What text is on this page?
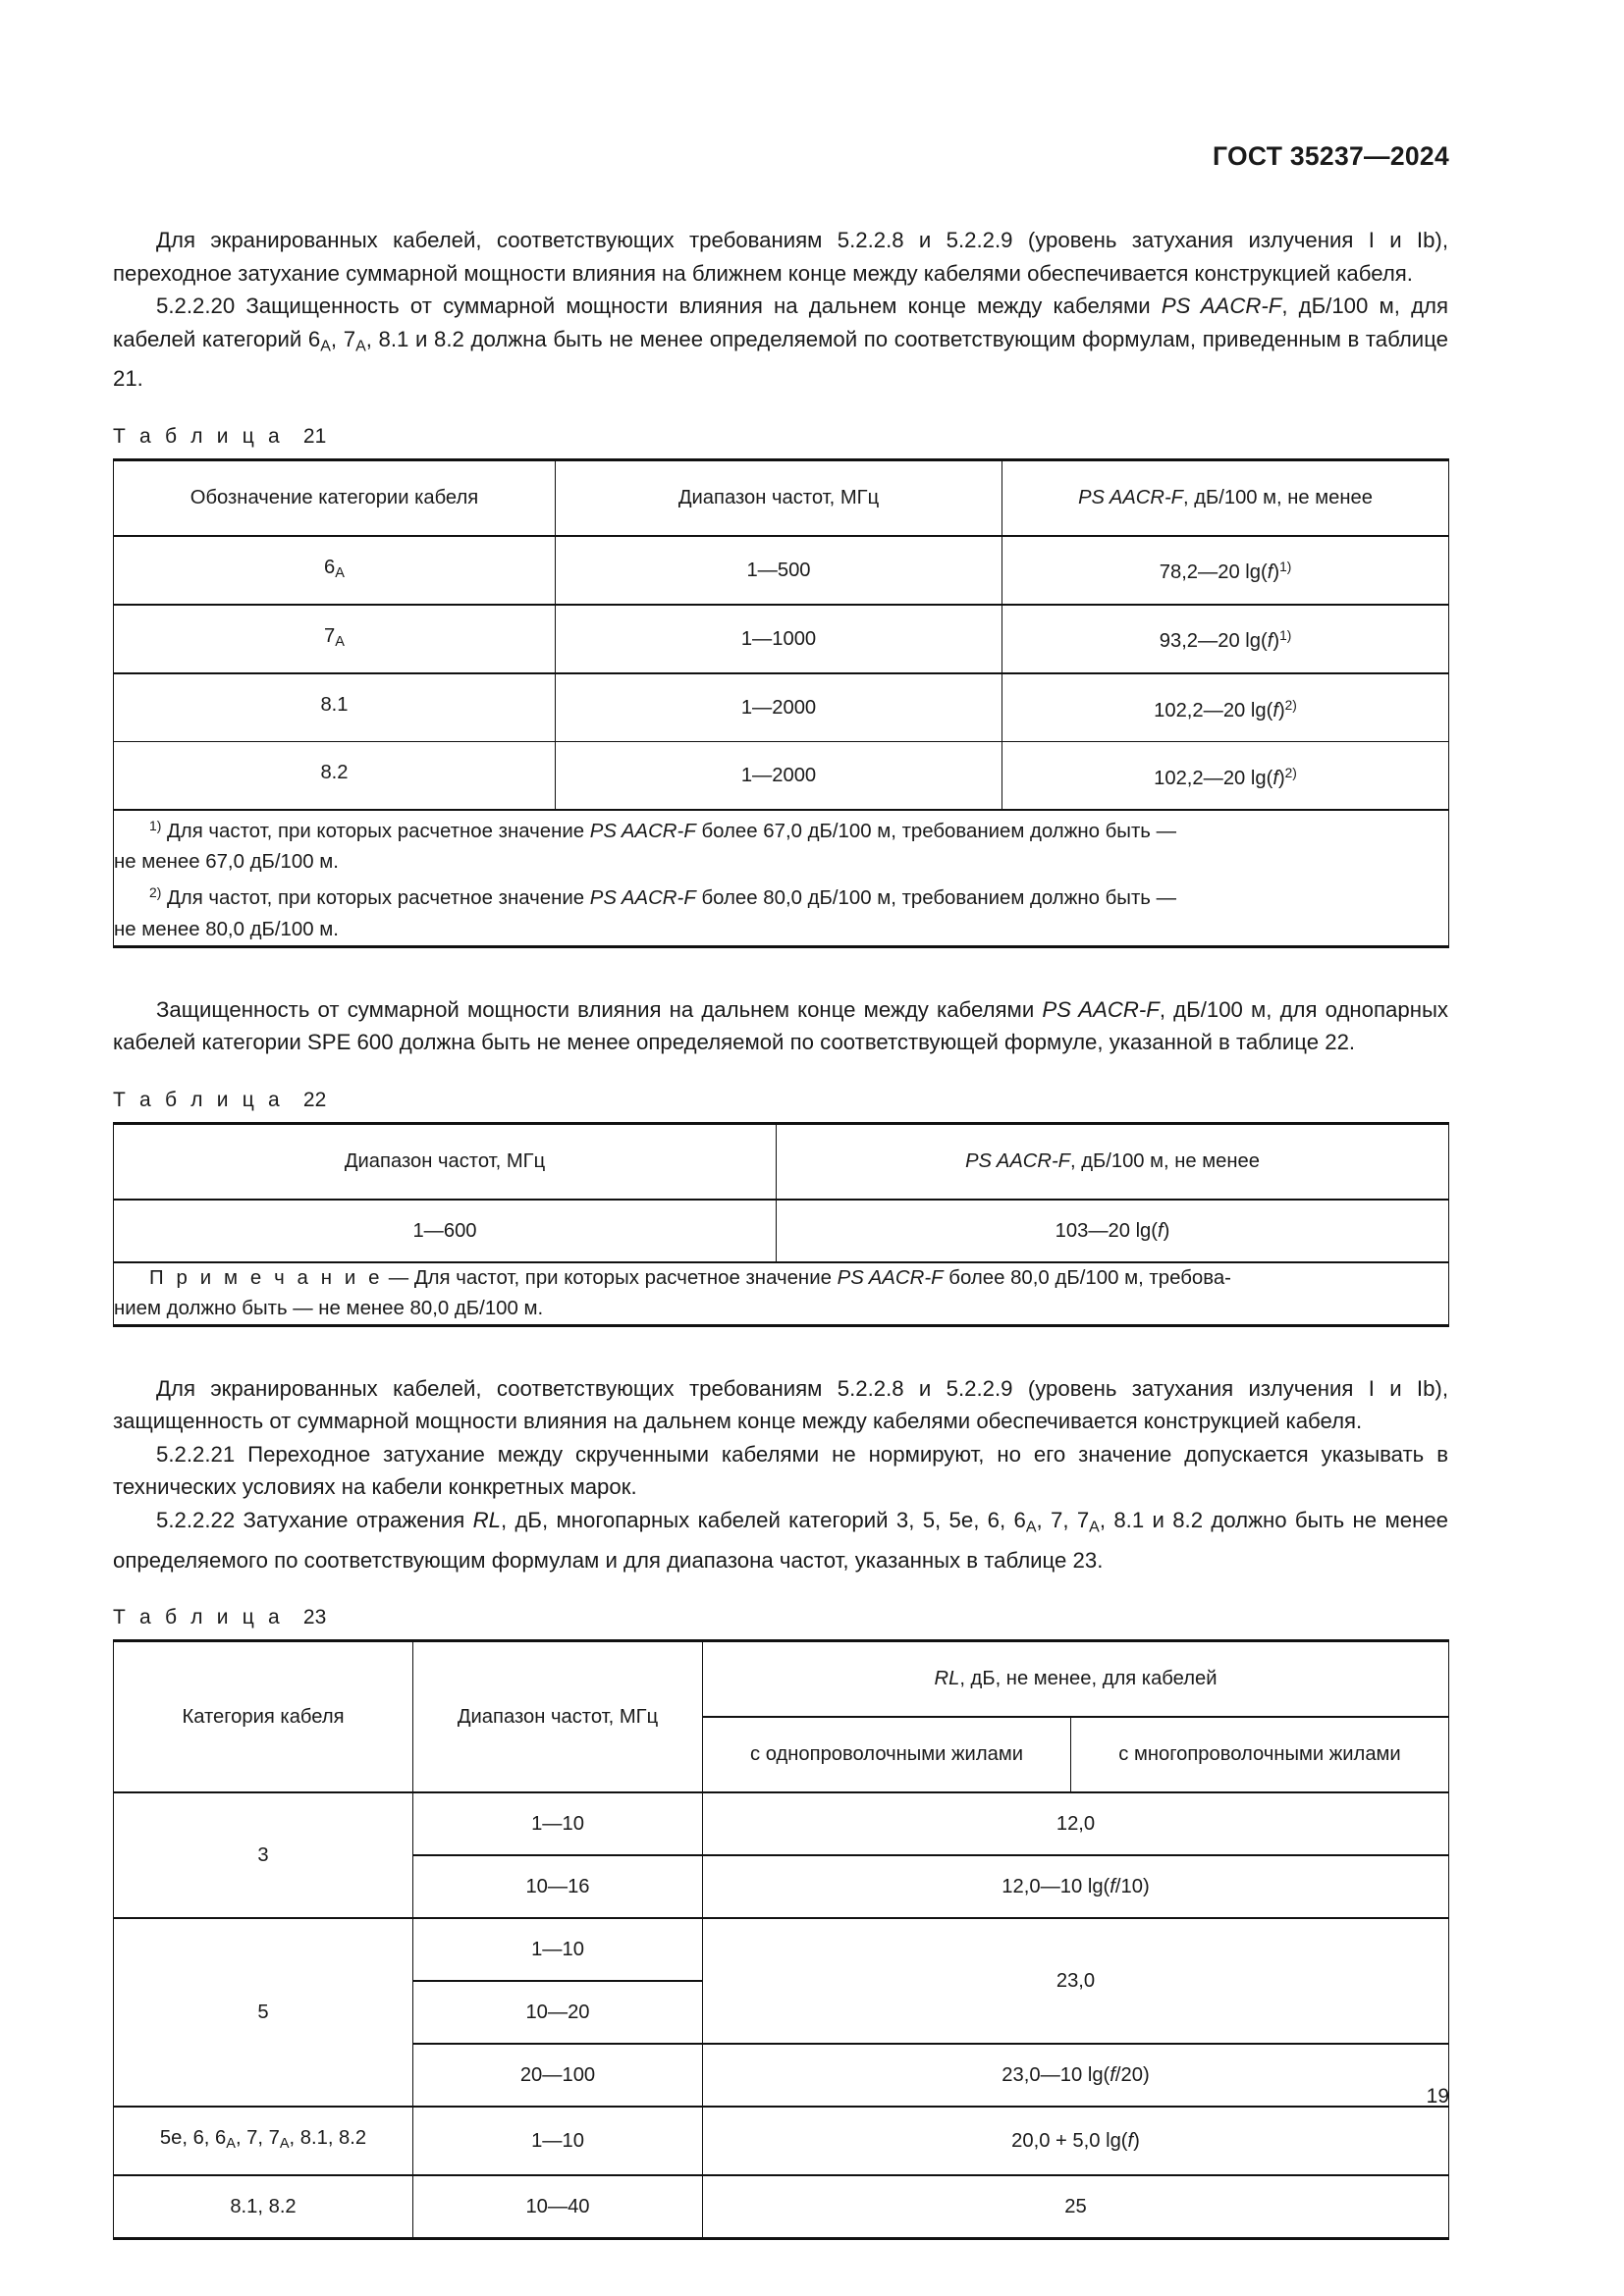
ГОСТ 35237—2024

Для экранированных кабелей, соответствующих требованиям 5.2.2.8 и 5.2.2.9 (уровень затухания излучения I и Ib), переходное затухание суммарной мощности влияния на ближнем конце между кабелями обеспечивается конструкцией кабеля.

5.2.2.20 Защищенность от суммарной мощности влияния на дальнем конце между кабелями PS AACR-F, дБ/100 м, для кабелей категорий $6_A$, $7_A$, 8.1 и 8.2 должна быть не менее определяемой по соответствующим формулам, приведенным в таблице 21.

Т а б л и ц а 21
Обозначение категории кабеля	Диапазон частот, МГц	PS AACR-F, дБ/100 м, не менее

$6_A$	1—500	78,2—20 $\lg(f)^{1)}$

$7_A$	1—1000	93,2—20 $\lg(f)^{1)}$

8.1	1—2000	102,2—20 $\lg(f)^{2)}$

8.2	1—2000	102,2—20 $\lg(f)^{2)}$

$^{1)}$ Для частот, при которых расчетное значение PS AACR-F более 67,0 дБ/100 м, требованием должно быть —

не менее 67,0 дБ/100 м.

$^{2)}$ Для частот, при которых расчетное значение PS AACR-F более 80,0 дБ/100 м, требованием должно быть —

не менее 80,0 дБ/100 м.		

Защищенность от суммарной мощности влияния на дальнем конце между кабелями PS AACR-F, дБ/100 м, для однопарных кабелей категории SPE 600 должна быть не менее определяемой по соответствующей формуле, указанной в таблице 22.

Т а б л и ц а 22
Диапазон частот, МГц	PS AACR-F, дБ/100 м, не менее

1—600	103—20 lg(f)

П р и м е ч а н и е — Для частот, при которых расчетное значение PS AACR-F более 80,0 дБ/100 м, требова-

нием должно быть — не менее 80,0 дБ/100 м.	

Для экранированных кабелей, соответствующих требованиям 5.2.2.8 и 5.2.2.9 (уровень затухания излучения I и Ib), защищенность от суммарной мощности влияния на дальнем конце между кабелями обеспечивается конструкцией кабеля.

5.2.2.21 Переходное затухание между скрученными кабелями не нормируют, но его значение допускается указывать в технических условиях на кабели конкретных марок.

5.2.2.22 Затухание отражения RL, дБ, многопарных кабелей категорий 3, 5, 5е, 6, $6_A$, 7, $7_A$, 8.1 и 8.2 должно быть не менее определяемого по соответствующим формулам и для диапазона частот, указанных в таблице 23.

Т а б л и ц а 23
Категория кабеля	Диапазон частот, МГц	RL, дБ, не менее, для кабелей	

		с однопроволочными жилами	с многопроволочными жилами

3	1—10	12,0	

	10—16	12,0—10 lg(f/10)	

5	1—10	23,0	

	10—20		

	20—100	23,0—10 lg(f/20)	

5е, 6, $6_A$, 7, $7_A$, 8.1, 8.2	1—10	20,0 + 5,0 lg(f)	

8.1, 8.2	10—40	25	
19
